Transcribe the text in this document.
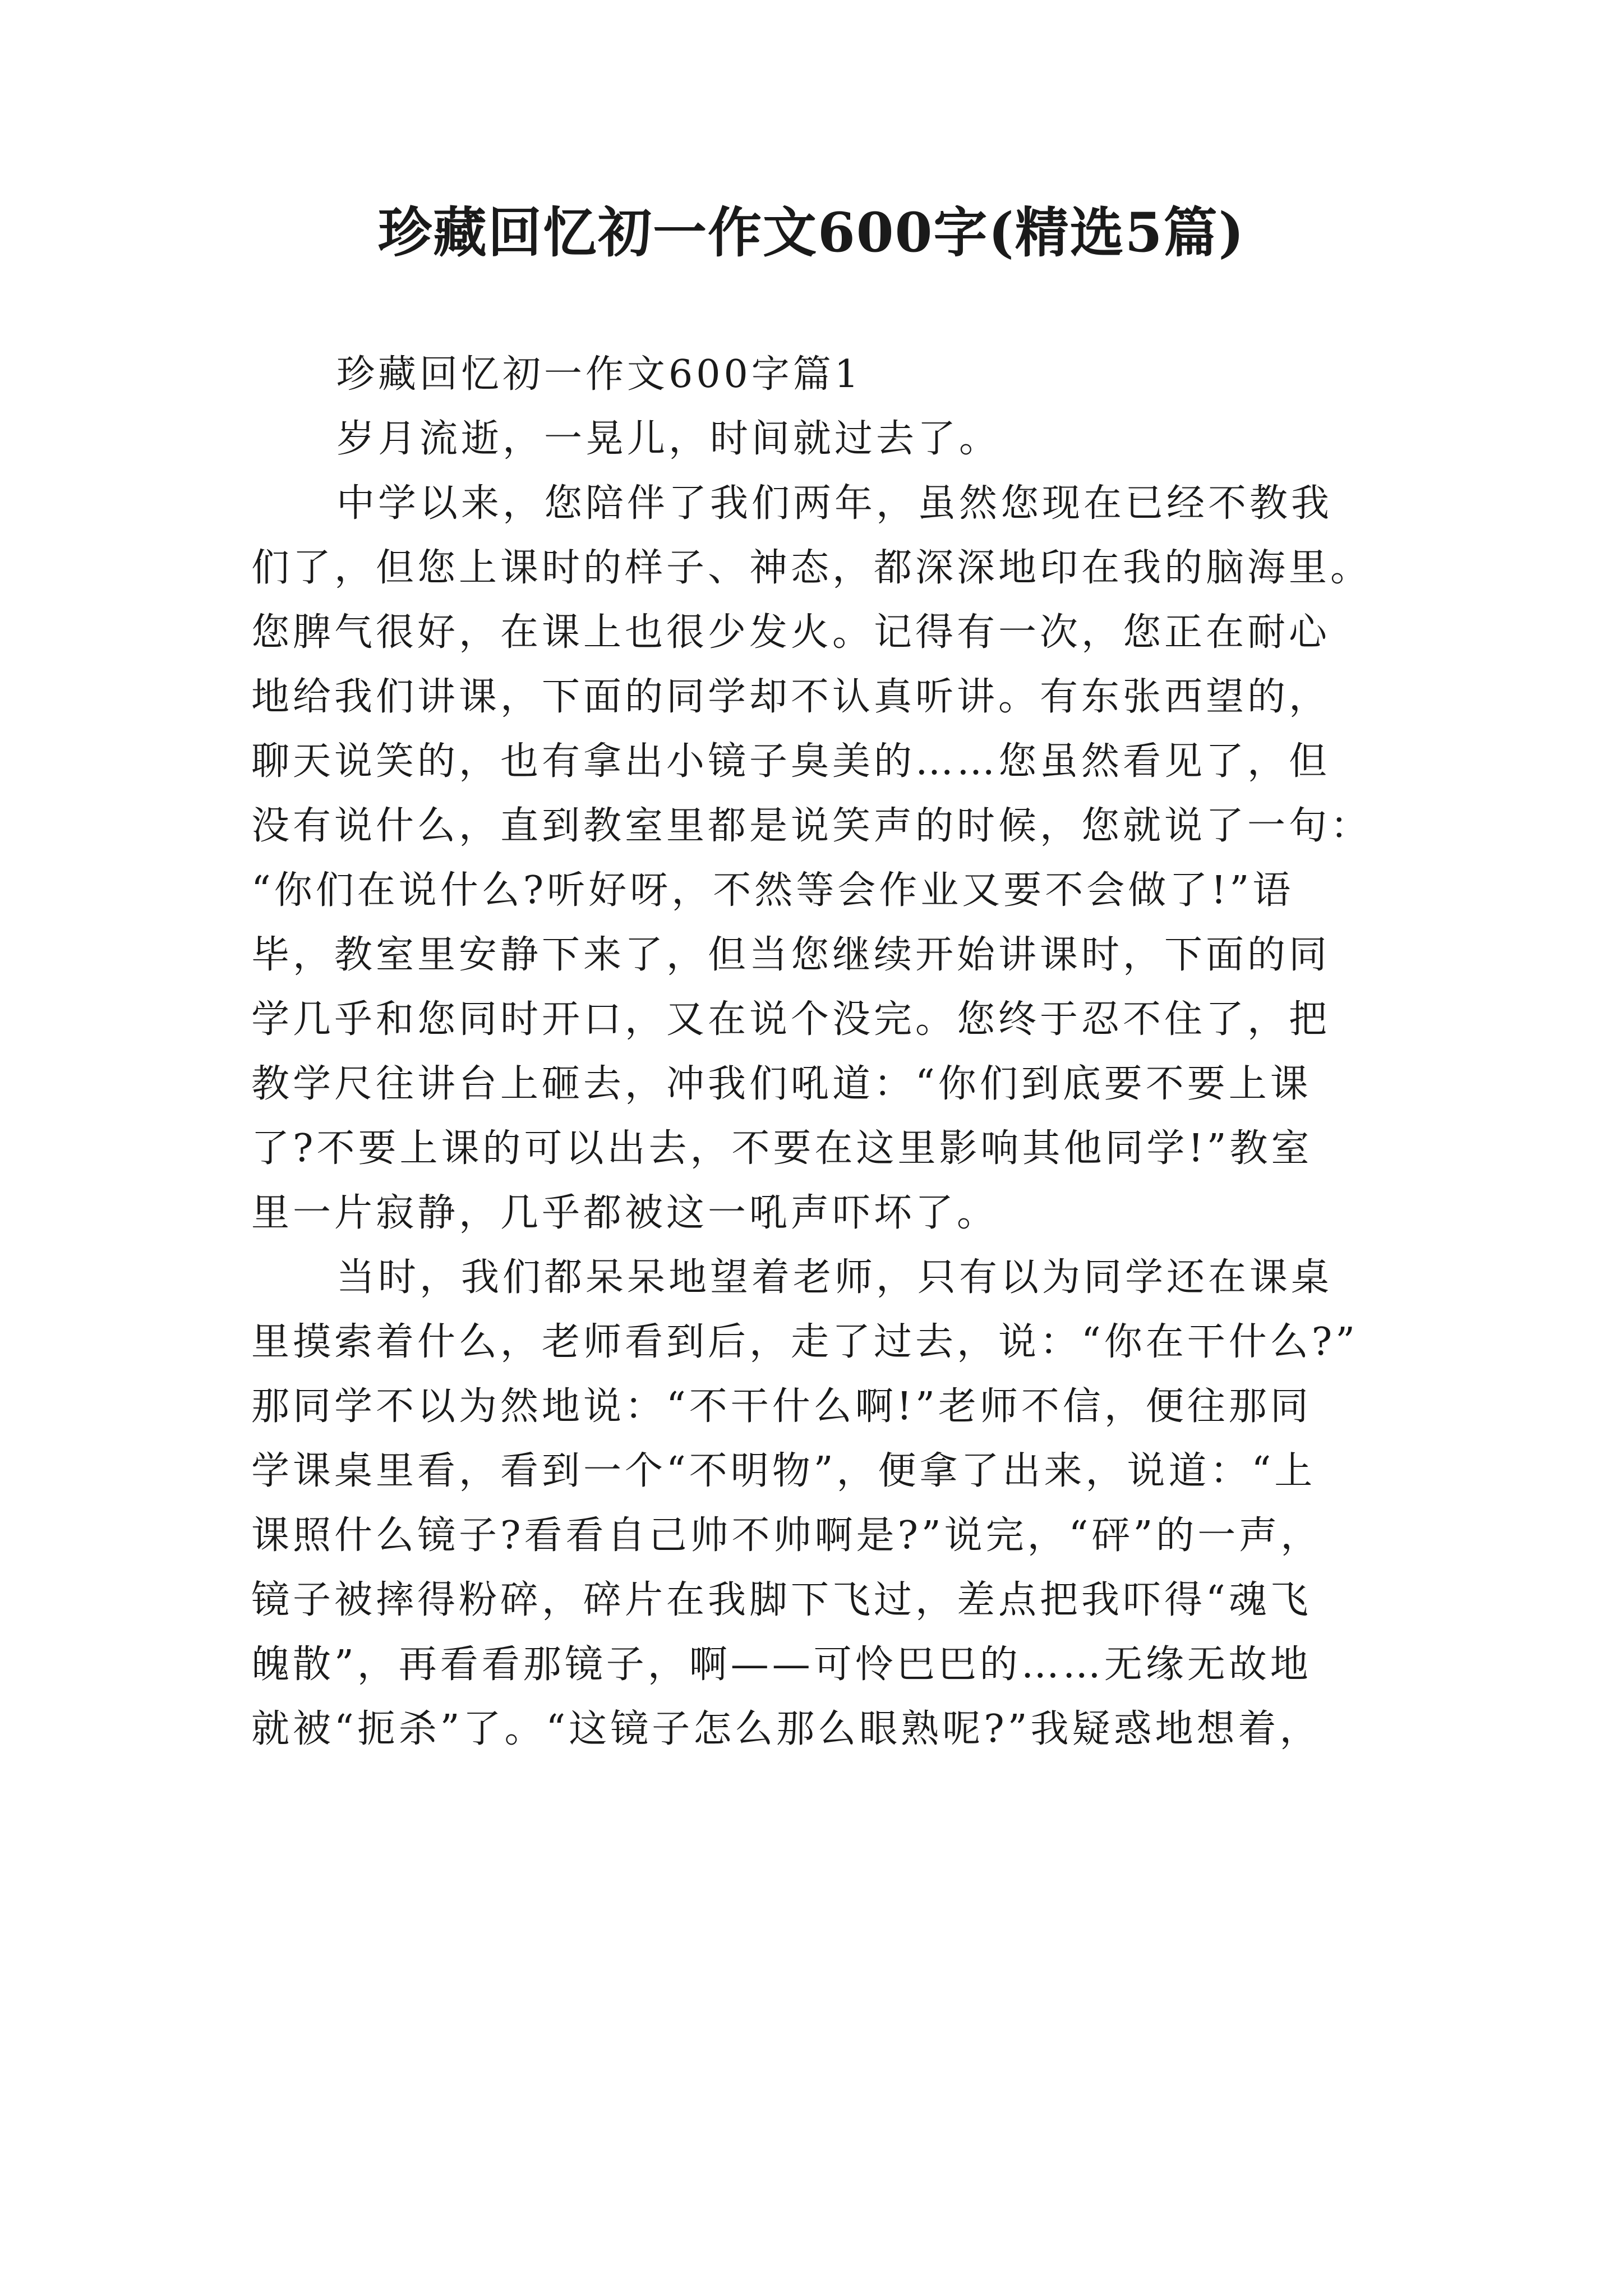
珍藏回忆初一作文600字(精选5篇)
珍藏回忆初一作文600字篇1
岁月流逝，一晃儿，时间就过去了。
中学以来，您陪伴了我们两年，虽然您现在已经不教我
们了，但您上课时的样子、神态，都深深地印在我的脑海里。
您脾气很好，在课上也很少发火。记得有一次，您正在耐心
地给我们讲课，下面的同学却不认真听讲。有东张西望的，
聊天说笑的，也有拿出小镜子臭美的……您虽然看见了，但
没有说什么，直到教室里都是说笑声的时候，您就说了一句：
“你们在说什么?听好呀，不然等会作业又要不会做了!”语
毕，教室里安静下来了，但当您继续开始讲课时，下面的同
学几乎和您同时开口，又在说个没完。您终于忍不住了，把
教学尺往讲台上砸去，冲我们吼道：“你们到底要不要上课
了?不要上课的可以出去，不要在这里影响其他同学!”教室
里一片寂静，几乎都被这一吼声吓坏了。
当时，我们都呆呆地望着老师，只有以为同学还在课桌
里摸索着什么，老师看到后，走了过去，说：“你在干什么?”
那同学不以为然地说：“不干什么啊!”老师不信，便往那同
学课桌里看，看到一个“不明物”，便拿了出来，说道：“上
课照什么镜子?看看自己帅不帅啊是?”说完，“砰”的一声，
镜子被摔得粉碎，碎片在我脚下飞过，差点把我吓得“魂飞
魄散”，再看看那镜子，啊——可怜巴巴的……无缘无故地
就被“扼杀”了。“这镜子怎么那么眼熟呢?”我疑惑地想着，
